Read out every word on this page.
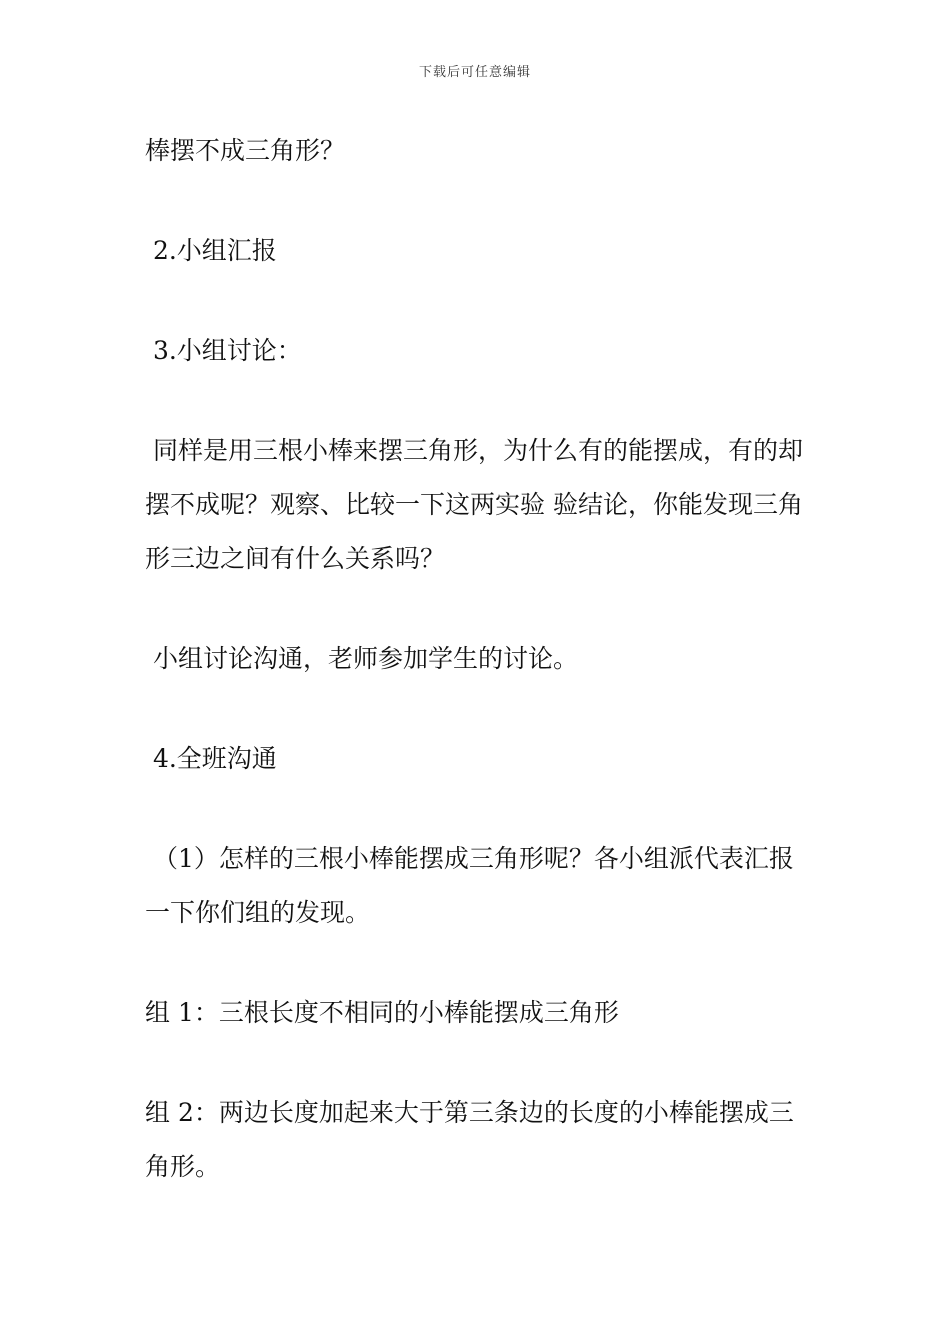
下载后可任意编辑

棒摆不成三角形？

2.小组汇报

3.小组讨论：

同样是用三根小棒来摆三角形，为什么有的能摆成，有的却摆不成呢？观察、比较一下这两实验 验结论，你能发现三角形三边之间有什么关系吗？

小组讨论沟通，老师参加学生的讨论。

4.全班沟通

（1）怎样的三根小棒能摆成三角形呢？各小组派代表汇报一下你们组的发现。

组 1：三根长度不相同的小棒能摆成三角形

组 2：两边长度加起来大于第三条边的长度的小棒能摆成三角形。
